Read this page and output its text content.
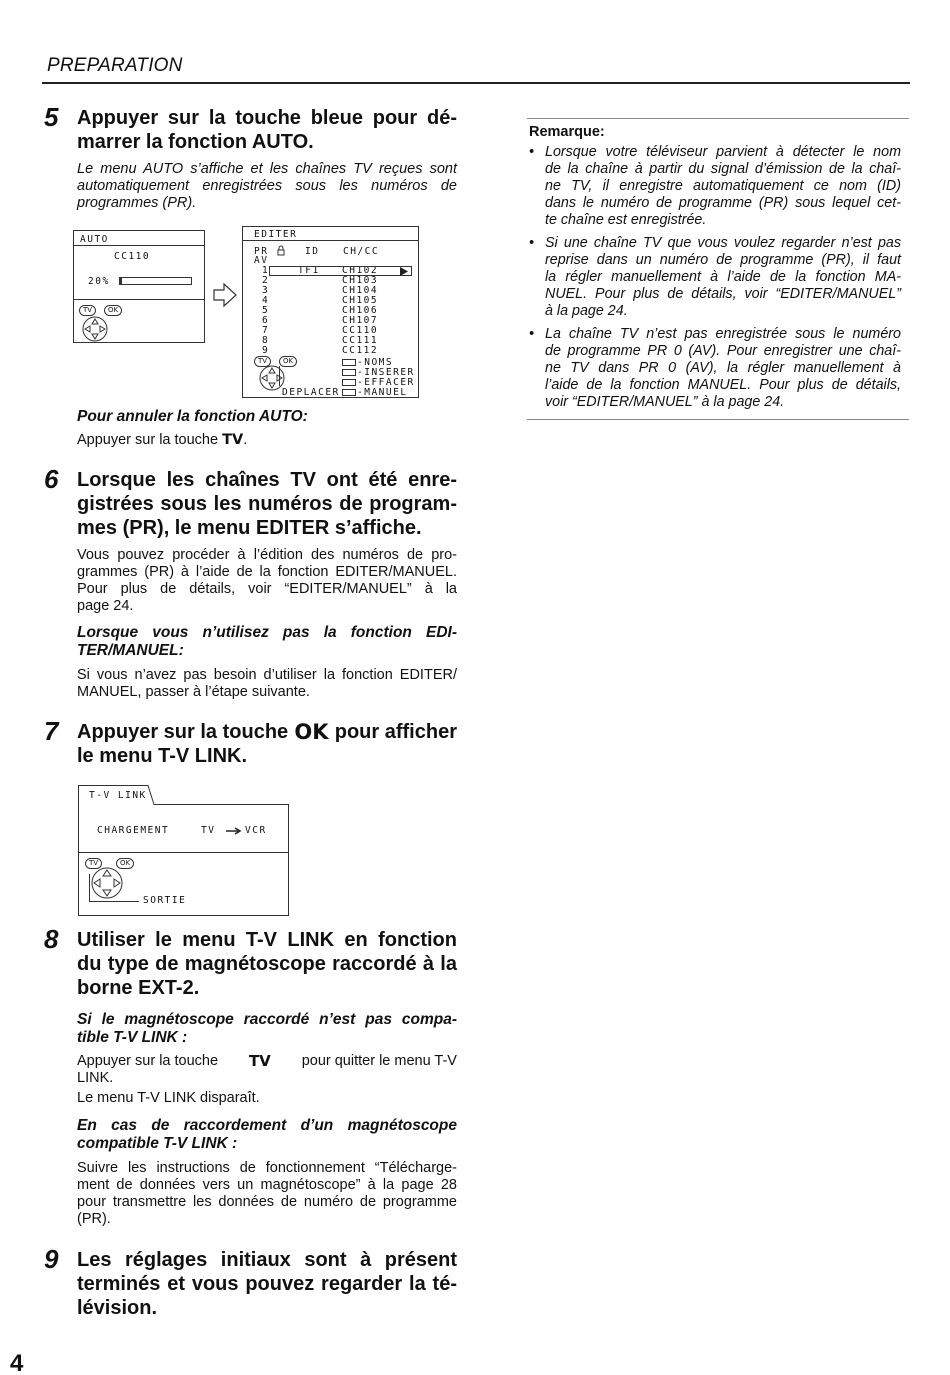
PREPARATION
5 Appuyer sur la touche bleue pour dé-
marrer la fonction AUTO.
Le menu AUTO s’affiche et les chaînes TV reçues sont
automatiquement enregistrées sous les numéros de
programmes (PR).
AUTO
CC110
20%
TV	OK
EDITER
PR	ID CH/CC
AV
1	TF1 CH102
2	CH103
3	CH104
4	CH105
5	CH106
6	CH107
7	CC110
8	CC111
9	CC112
TV	OK
DEPLACER
-NOMS
-INSERER
-EFFACER
-MANUEL
Pour annuler la fonction AUTO:
Appuyer sur la touche TV.
6 Lorsque les chaînes TV ont été enre-
gistrées sous les numéros de program-
mes (PR), le menu EDITER s’affiche.
Vous pouvez procéder à l’édition des numéros de pro-
grammes (PR) à l’aide de la fonction EDITER/MANUEL.
Pour plus de détails, voir “EDITER/MANUEL” à la
page 24.
Lorsque vous n’utilisez pas la fonction EDI-
TER/MANUEL:
Si vous n’avez pas besoin d’utiliser la fonction EDITER/
MANUEL, passer à l’étape suivante.
7 Appuyer sur la touche OK pour afficher
le menu T-V LINK.
T-V LINK
CHARGEMENT	TV	VCR
TV	OK
SORTIE
8 Utiliser le menu T-V LINK en fonction
du type de magnétoscope raccordé à la
borne EXT-2.
Si le magnétoscope raccordé n’est pas compa-
tible T-V LINK :
Appuyer sur la touche TV pour quitter le menu T-V
LINK.
Le menu T-V LINK disparaît.
En cas de raccordement d’un magnétoscope
compatible T-V LINK :
Suivre les instructions de fonctionnement “Télécharge-
ment de données vers un magnétoscope” à la page 28
pour transmettre les données de numéro de programme
(PR).
9 Les réglages initiaux sont à présent
terminés et vous pouvez regarder la té-
lévision.
Remarque:
• Lorsque votre téléviseur parvient à détecter le nom
de la chaîne à partir du signal d’émission de la chaî-
ne TV, il enregistre automatiquement ce nom (ID)
dans le numéro de programme (PR) sous lequel cet-
te chaîne est enregistrée.
• Si une chaîne TV que vous voulez regarder n’est pas
reprise dans un numéro de programme (PR), il faut
la régler manuellement à l’aide de la fonction MA-
NUEL. Pour plus de détails, voir “EDITER/MANUEL”
à la page 24.
• La chaîne TV n’est pas enregistrée sous le numéro
de programme PR 0 (AV). Pour enregistrer une chaî-
ne TV dans PR 0 (AV), la régler manuellement à
l’aide de la fonction MANUEL. Pour plus de détails,
voir “EDITER/MANUEL” à la page 24.
4
